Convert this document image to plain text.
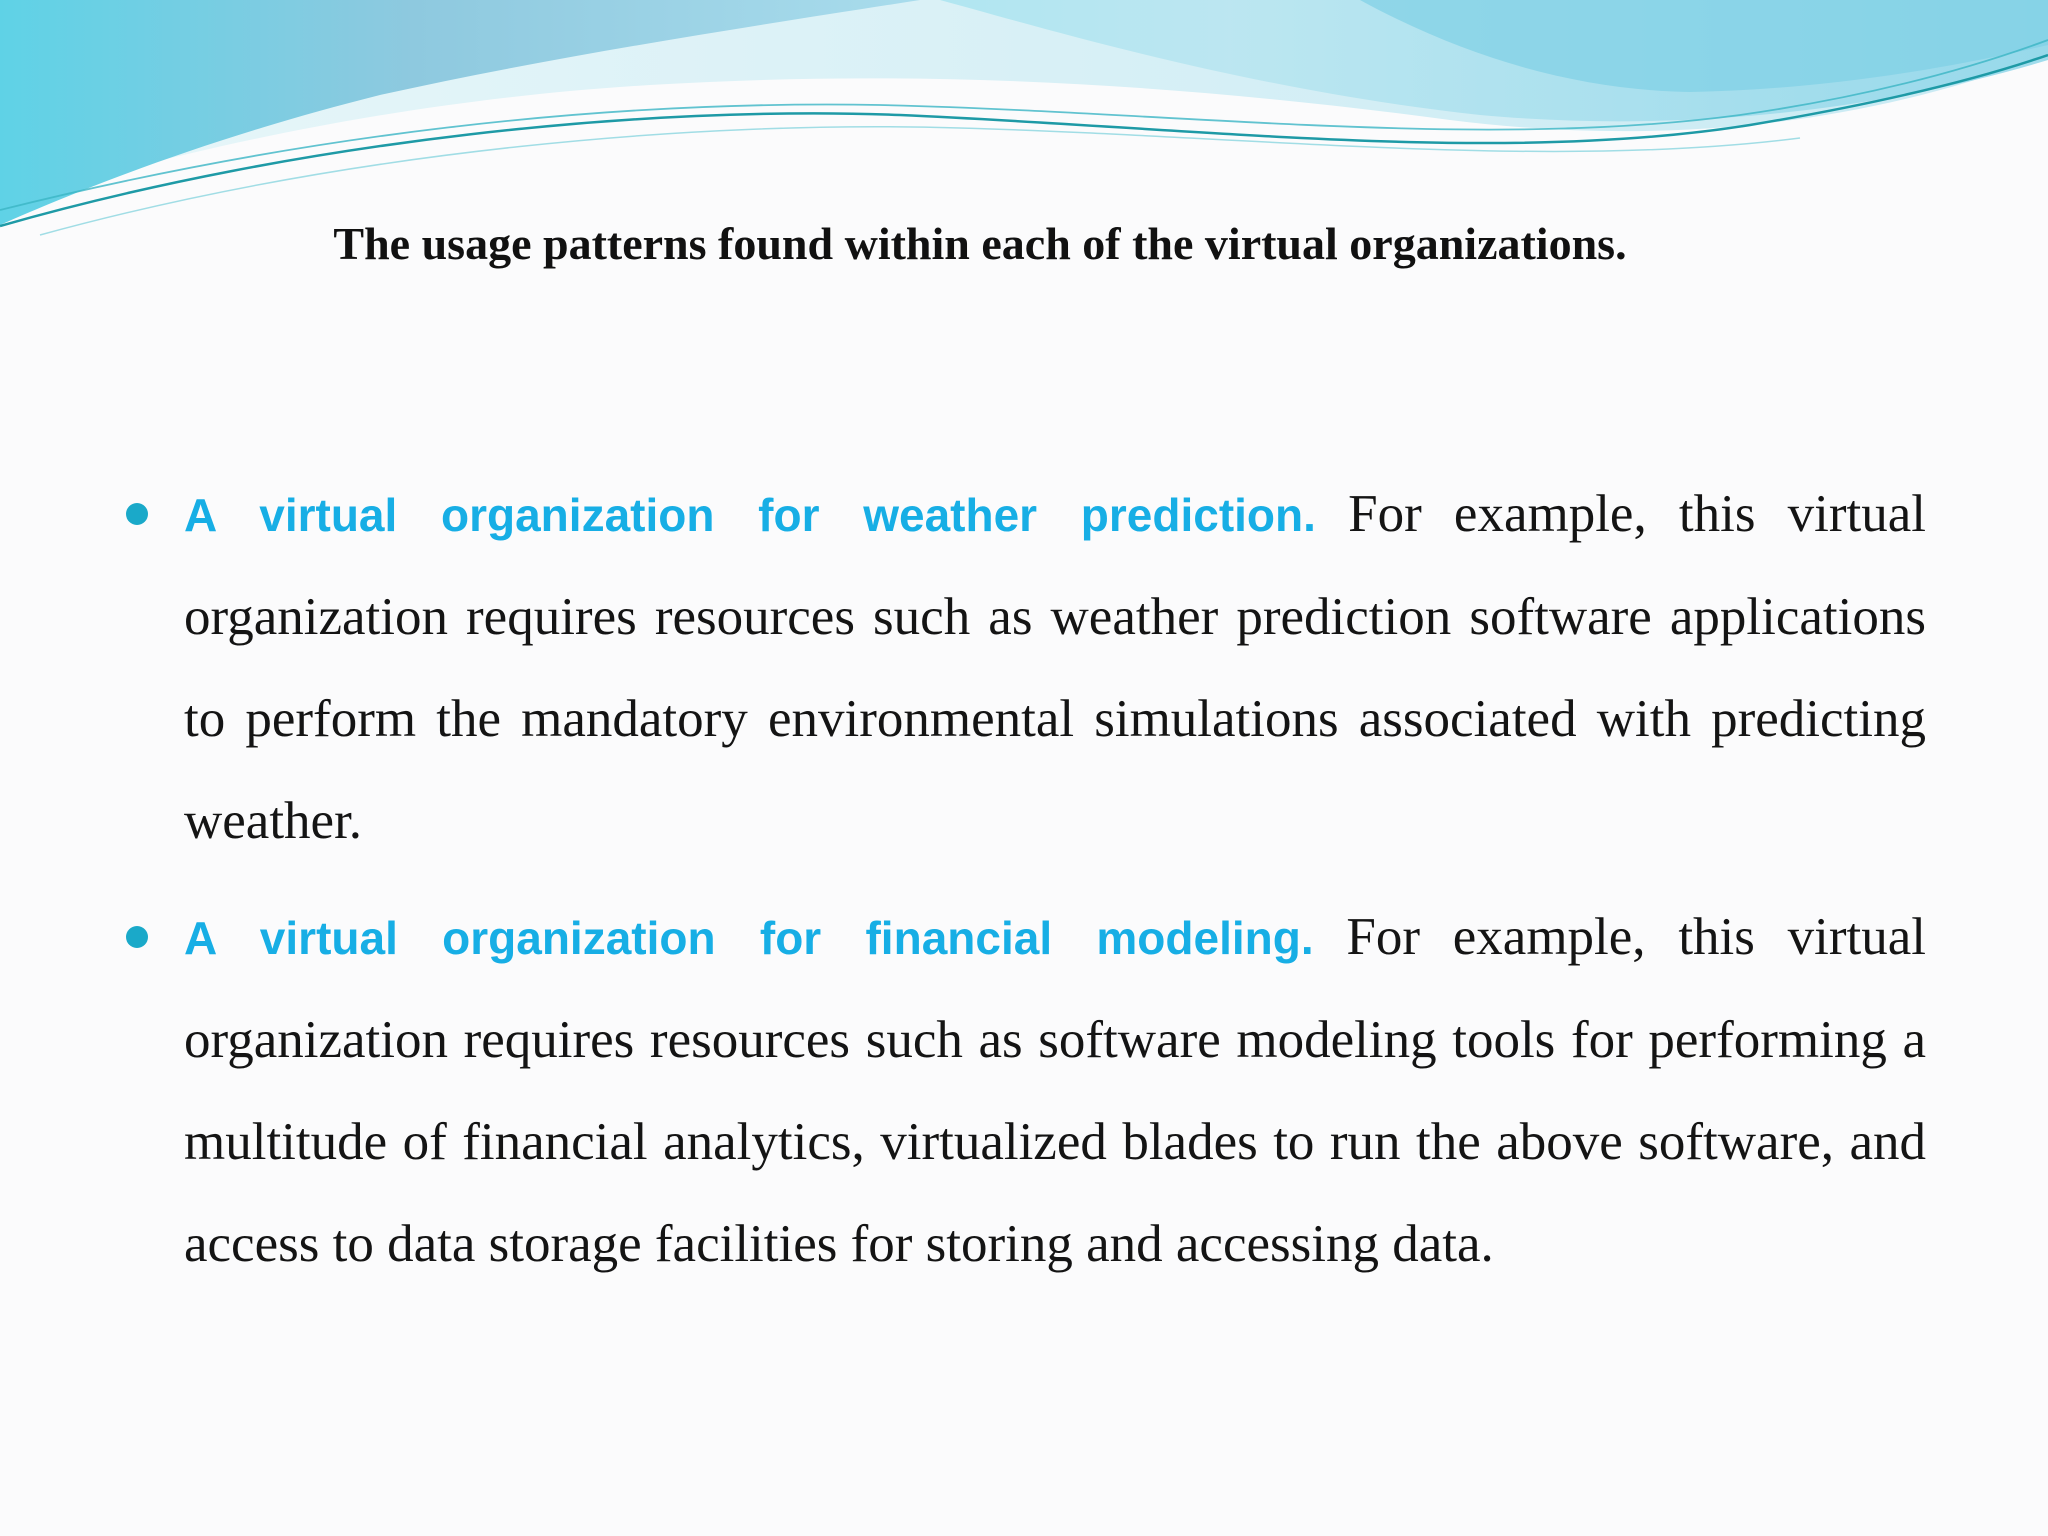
The usage patterns found within each of the virtual organizations.
A virtual organization for weather prediction. For example, this virtual organization requires resources such as weather prediction software applications to perform the mandatory environmental simulations associated with predicting weather.
A virtual organization for financial modeling. For example, this virtual organization requires resources such as software modeling tools for performing a multitude of financial analytics, virtualized blades to run the above software, and access to data storage facilities for storing and accessing data.
